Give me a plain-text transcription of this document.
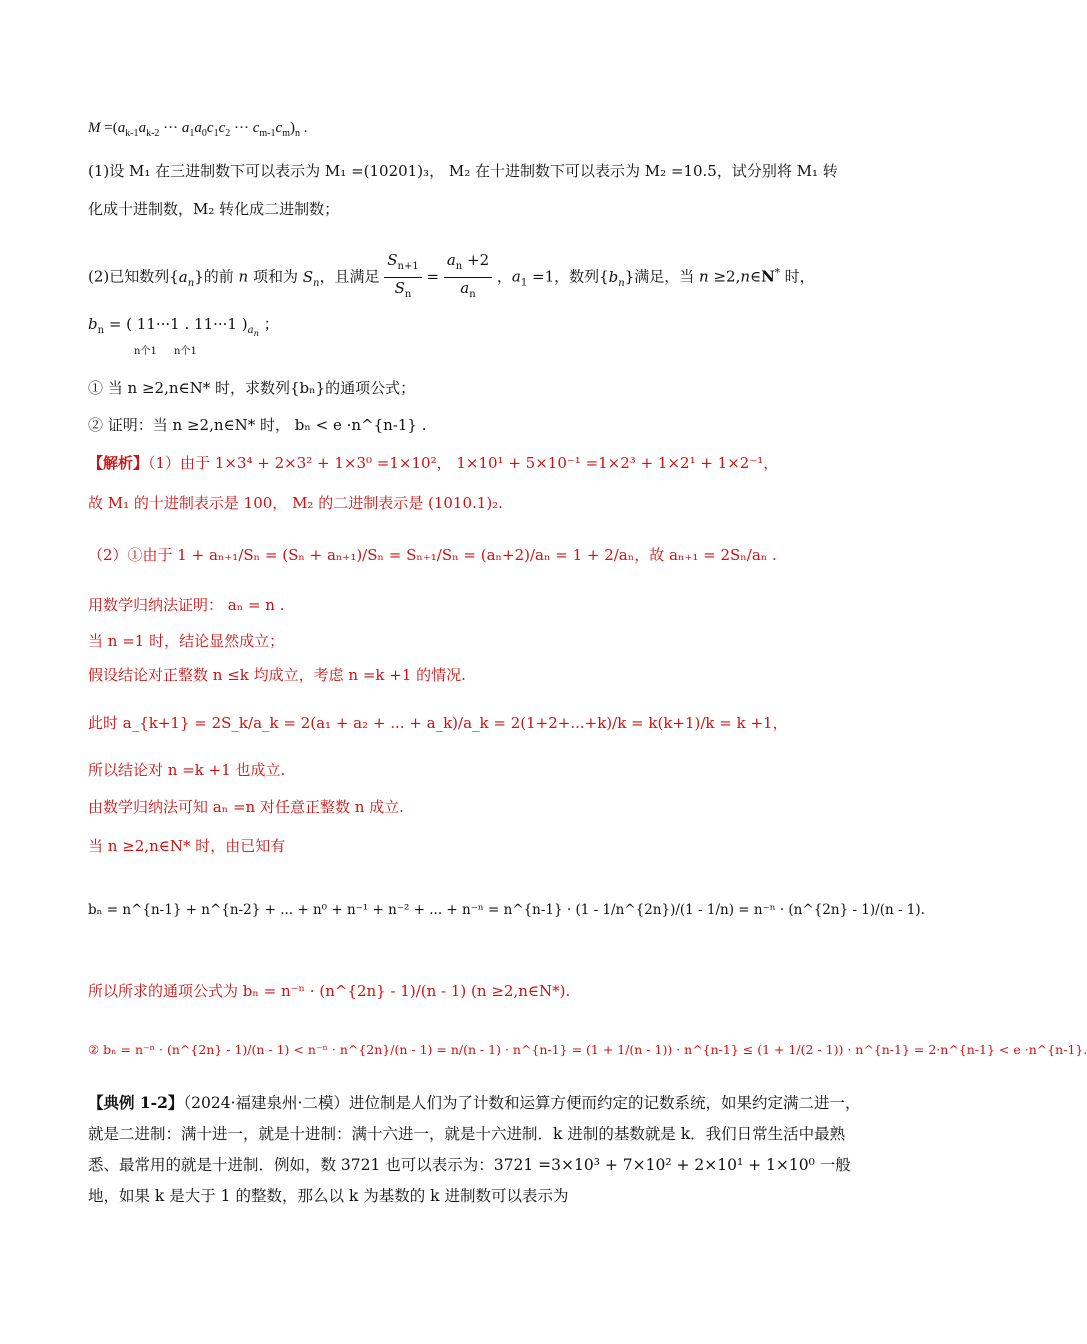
$M =(a_{k-1}a_{k-2}$ ··· $a_1a_0c_1c_2$ ··· $c_{m-1}c_m)_n$ .
(1)设 M₁ 在三进制数下可以表示为 M₁ =(10201)₃， M₂ 在十进制数下可以表示为 M₂ =10.5，试分别将 M₁ 转
化成十进制数，M₂ 转化成二进制数；
(2)已知数列$\{a_n\}$的前 n 项和为 $S_n$，且满足 $\frac{S_{n+1}}{S_n} = \frac{a_n +2}{a_n}$ ，$a_1 =1$，数列$\{b_n\}$满足，当 n ≥2,n∈N* 时，
$b_n$ = ( 11···1 . 11···1 )$_{a_n}$ ；
n个1 n个1
① 当 n ≥2,n∈N* 时，求数列{bₙ}的通项公式；
② 证明：当 n ≥2,n∈N* 时， bₙ < e ·n^{n-1} .
【解析】（1）由于 1×3⁴ + 2×3² + 1×3⁰ =1×10²， 1×10¹ + 5×10⁻¹ =1×2³ + 1×2¹ + 1×2⁻¹，
故 M₁ 的十进制表示是 100， M₂ 的二进制表示是 (1010.1)₂.
（2）①由于 1 + aₙ₊₁/Sₙ = (Sₙ + aₙ₊₁)/Sₙ = Sₙ₊₁/Sₙ = (aₙ+2)/aₙ = 1 + 2/aₙ，故 aₙ₊₁ = 2Sₙ/aₙ .
用数学归纳法证明： aₙ = n .
当 n =1 时，结论显然成立；
假设结论对正整数 n ≤k 均成立，考虑 n =k +1 的情况.
此时 a_{k+1} = 2S_k/a_k = 2(a₁ + a₂ + ... + a_k)/a_k = 2(1+2+...+k)/k = k(k+1)/k = k +1，
所以结论对 n =k +1 也成立.
由数学归纳法可知 aₙ =n 对任意正整数 n 成立.
当 n ≥2,n∈N* 时，由已知有
bₙ = n^{n-1} + n^{n-2} + ... + n⁰ + n⁻¹ + n⁻² + ... + n⁻ⁿ = n^{n-1} · (1 - 1/n^{2n})/(1 - 1/n) = n⁻ⁿ · (n^{2n} - 1)/(n - 1).
所以所求的通项公式为 bₙ = n⁻ⁿ · (n^{2n} - 1)/(n - 1) (n ≥2,n∈N*).
② bₙ = n⁻ⁿ · (n^{2n} - 1)/(n - 1) < n⁻ⁿ · n^{2n}/(n - 1) = n/(n - 1) · n^{n-1} = (1 + 1/(n - 1)) · n^{n-1} ≤ (1 + 1/(2 - 1)) · n^{n-1} = 2·n^{n-1} < e ·n^{n-1}.
【典例 1-2】（2024·福建泉州·二模）进位制是人们为了计数和运算方便而约定的记数系统，如果约定满二进一，就是二进制：满十进一，就是十进制：满十六进一，就是十六进制．k 进制的基数就是 k．我们日常生活中最熟悉、最常用的就是十进制．例如，数 3721 也可以表示为：3721 =3×10³ + 7×10² + 2×10¹ + 1×10⁰ 一般地，如果 k 是大于 1 的整数，那么以 k 为基数的 k 进制数可以表示为
